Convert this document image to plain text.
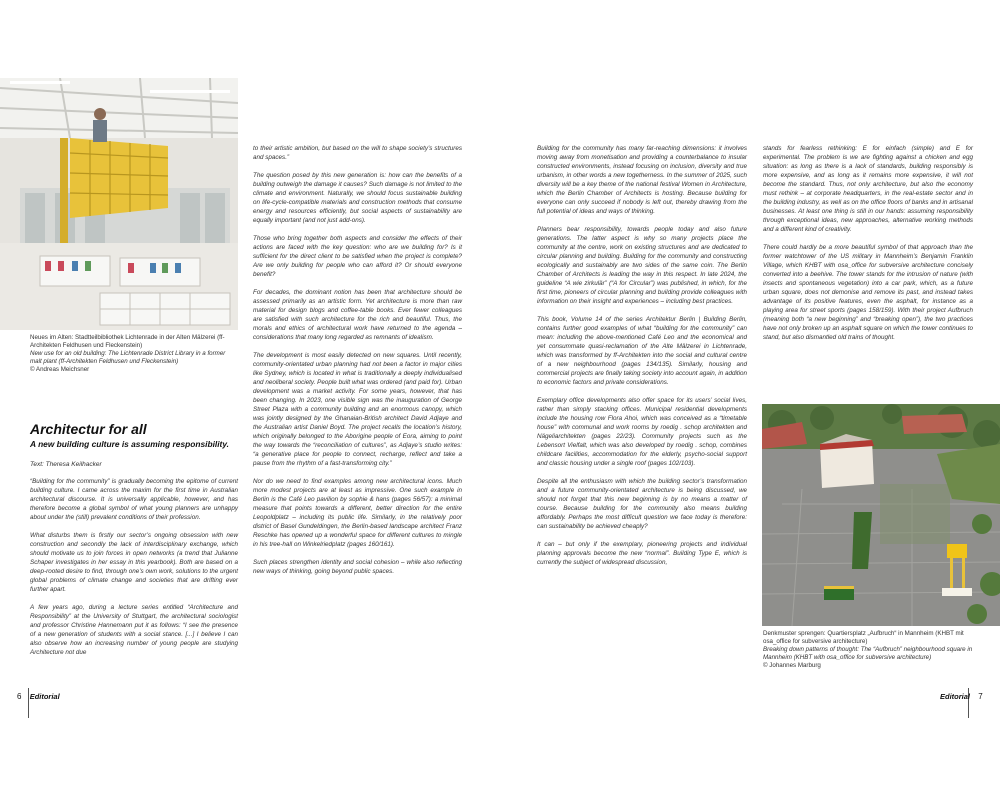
Neues im Alten: Stadtteilbibliothek Lichtenrade in der Alten Mälzerei (ff-Architekten Feldhusen und Fleckenstein)
New use for an old building: The Lichtenrade District Library in a former malt plant (ff-Architekten Feldhusen und Fleckenstein)
© Andreas Meichsner
Architectur for all
A new building culture is assuming responsibility.
Text: Theresa Keilhacker

“Building for the community” is gradually becoming the epitome of current building culture. I came across the maxim for the first time in Australian architectural discourse. It is universally applicable, however, and has therefore become a global symbol of what young planners are unhappy about under the (still) prevalent conditions of their profession.

What disturbs them is firstly our sector’s ongoing obsession with new construction and secondly the lack of interdisciplinary exchange, which should motivate us to join forces in open networks (a trend that Julianne Schaper investigates in her essay in this yearbook). Both are based on a deep-rooted desire to find, through one’s own work, solutions to the urgent global problems of climate change and societies that are drifting ever further apart.

A few years ago, during a lecture series entitled “Architecture and Responsibility” at the University of Stuttgart, the architectural sociologist and professor Christine Hannemann put it as follows: “I see the presence of a new generation of students with a social stance. [...] I believe I can also observe how an increasing number of young people are studying Architecture not due

to their artistic ambition, but based on the will to shape society’s structures and spaces.”

The question posed by this new generation is: how can the benefits of a building outweigh the damage it causes? Such damage is not limited to the climate and environment. Naturally, we should focus sustainable building on life-cycle-compatible materials and construction methods that consume energy and resources efficiently, but social aspects of sustainability are equally important (and not just add-ons).

Those who bring together both aspects and consider the effects of their actions are faced with the key question: who are we building for? Is it sufficient for the direct client to be satisfied when the project is complete? Are we only building for people who can afford it? Or should everyone benefit?

For decades, the dominant notion has been that architecture should be assessed primarily as an artistic form. Yet architecture is more than raw material for design blogs and coffee-table books. Ever fewer colleagues are satisfied with such architecture for the rich and beautiful. Thus, the morals and ethics of architectural work have returned to the agenda – considerations that many long regarded as remnants of idealism.

The development is most easily detected on new squares. Until recently, community-orientated urban planning had not been a factor in major cities like Sydney, which is located in what is traditionally a deeply individualised and neoliberal society. People built what was ordered (and paid for). Urban development was a market activity. For some years, however, that has been changing. In 2023, one visible sign was the inauguration of George Street Plaza with a community building and an enormous canopy, which was jointly designed by the Ghanaian-British architect David Adjaye and the Australian artist Daniel Boyd. The project recalls the location’s history, which originally belonged to the Aborigine people of Eora, aiming to point the way towards the “reconciliation of cultures”, as Adjaye’s studio writes: “a generative place for people to connect, recharge, reflect and take a pause from the rhythm of a fast-transforming city.”

Nor do we need to find examples among new architectural icons. Much more modest projects are at least as impressive. One such example in Berlin is the Café Leo pavilion by sophie & hans (pages 56/57): a minimal measure that points towards a different, better direction for the entire Leopoldplatz – including its public life. Similarly, in the relatively poor district of Basel Gundeldingen, the Berlin-based landscape architect Franz Reschke has opened up a wonderful space for different cultures to mingle in his tree-hall on Winkelriedplatz (pages 160/161).

Such places strengthen identity and social cohesion – while also reflecting new ways of thinking, going beyond public spaces.

6 Editorial

Building for the community has many far-reaching dimensions: it involves moving away from monetisation and providing a counterbalance to insular constructed environments, instead focusing on inclusion, diversity and true urbanism, in other words a new togetherness. In the summer of 2025, such diversity will be a key theme of the national festival Women in Architecture, which the Berlin Chamber of Architects is hosting. Because building for everyone can only succeed if nobody is left out, thereby drawing from the full potential of ideas and ways of thinking.

Planners bear responsibility, towards people today and also future generations. The latter aspect is why so many projects place the community at the centre, work on existing structures and are dedicated to circular planning and building. Building for the community and constructing ecologically and sustainably are two sides of the same coin. The Berlin Chamber of Architects is leading the way in this respect. In late 2024, the guideline “A wie zirkulär” (“A for Circular”) was published, in which, for the first time, pioneers of circular planning and building provide colleagues with information on their insight and experiences – including best practices.

This book, Volume 14 of the series Architektur Berlin | Building Berlin, contains further good examples of what “building for the community” can mean: including the above-mentioned Café Leo and the economical and yet consummate quasi-reclamation of the Alte Mälzerei in Lichtenrade, which was transformed by ff-Architekten into the social and cultural centre of a new neighbourhood (pages 134/135). Similarly, housing and commercial projects are finally taking society into account again, in addition to economic factors and private considerations.

Exemplary office developments also offer space for its users’ social lives, rather than simply stacking offices. Municipal residential developments include the housing row Flora Ahoi, which was conceived as a “timetable house” with communal and work rooms by roedig . schop architekten and Nägeliarchitekten (pages 22/23). Community projects such as the Lebensort Vielfalt, which was also developed by roedig . schop, combines childcare facilities, accommodation for the elderly, psycho-social support and classic housing under a single roof (pages 102/103).

Despite all the enthusiasm with which the building sector’s transformation and a future community-orientated architecture is being discussed, we should not forget that this new beginning is by no means a matter of course. Because building for the community also means building affordably. Perhaps the most difficult question we face today is therefore: can sustainability be achieved cheaply?

It can – but only if the exemplary, pioneering projects and individual planning approvals become the new “normal”. Building Type E, which is currently the subject of widespread discussion,

stands for fearless rethinking: E for einfach (simple) and E for experimental. The problem is we are fighting against a chicken and egg situation: as long as there is a lack of standards, building responsibly is more expensive, and as long as it remains more expensive, it will not become the standard. Thus, not only architecture, but also the economy must rethink – at corporate headquarters, in the real-estate sector and in the building industry, as well as on the office floors of banks and in artisanal businesses. At least one thing is still in our hands: assuming responsibility through exceptional ideas, new approaches, alternative working methods and a different kind of creativity.

There could hardly be a more beautiful symbol of that approach than the former watchtower of the US military in Mannheim’s Benjamin Franklin Village, which KHBT with osa_office for subversive architecture concisely converted into a beehive. The tower stands for the intrusion of nature (with insects and spontaneous vegetation) into a car park, which, as a future urban square, does not demonise and remove its past, and instead takes advantage of its positive features, even the asphalt, for instance as a playing area for street sports (pages 158/159). With their project Aufbruch (meaning both “a new beginning” and “breaking open”), the two practices have not only broken up an asphalt square on which the tower continues to stand, but also dismantled old trains of thought.

Denkmuster sprengen: Quartiersplatz „Aufbruch“ in Mannheim (KHBT mit osa_office for subversive architecture)
Breaking down patterns of thought: The “Aufbruch” neighbourhood square in Mannheim (KHBT with osa_office for subversive architecture)
© Johannes Marburg
Editorial 7
